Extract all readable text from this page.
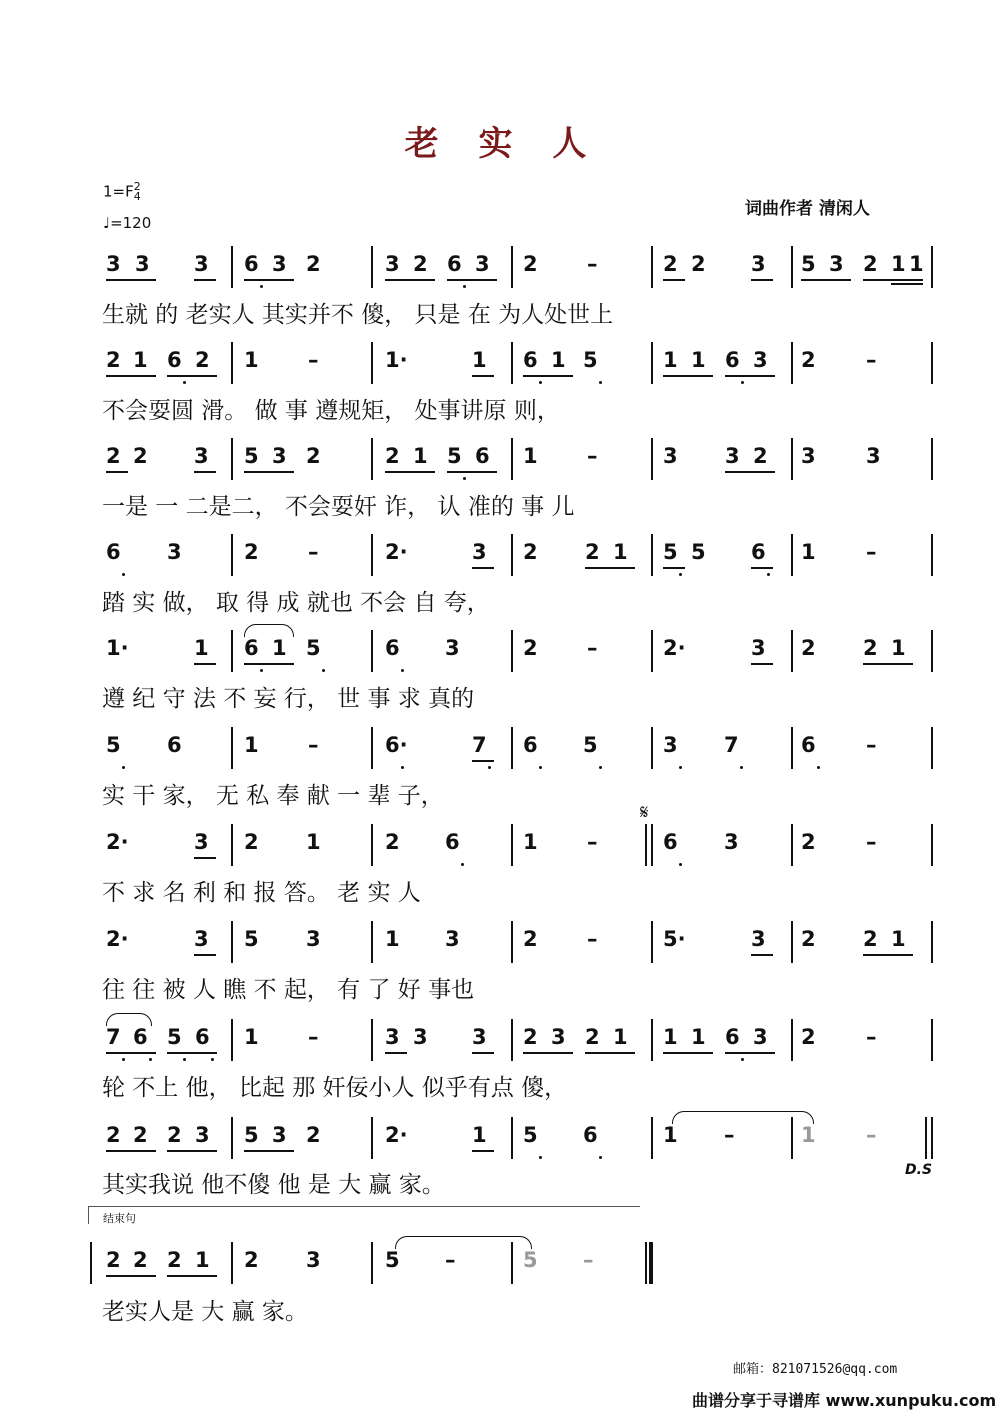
老 实 人
1=F2
4
♩=120
词曲作者 清闲人
3 3 3 6 3 2	3 2 6 3 2 –	2 2 3 5 3 2 1 1
2 1 6 2 1 –	1·	1 6 1 5	1 1 6 3 2 –
2 2 3 5 3 2	2 1 5 6 1 –	3 3 2 3 3
6 3	2 –	2·	3 2 2 1 5 5 6 1 –
1·	1 6 1 5	6 3	2 –	2·	3 2 2 1
5 6	1 –	6·	7 6 5	3 7	6 –
2·	3 2 1	2 6	1 –	6 3	2 –
2·	3 5 3	1 3	2 –	5·	3 2 2 1
7 6 5 6 1 –	3 3 3 2 3 2 1 1 1 6 3 2 –
2 2 2 3 5 3 2	2·	1 5 6	1 –	1 –
2 2 2 1 2 3	5 –	5 –
生就 的 老实人 其实并不 傻， 只是 在 为人处世上
不会耍圆 滑。 做 事 遵规矩， 处事讲原 则，
一是 一 二是二， 不会耍奸 诈， 认 准的 事 儿
踏 实 做， 取 得 成 就也 不会 自 夸，
遵 纪 守 法 不 妄 行， 世 事 求 真的
实 干 家， 无 私 奉 献 一 辈 子，
不 求 名 利 和 报 答。 老 实 人
往 往 被 人 瞧 不 起， 有 了 好 事也
轮 不上 他， 比起 那 奸佞小人 似乎有点 傻，
其实我说 他不傻 他 是 大 赢 家。
老实人是 大 赢 家。
结束句
D.S
𝄋
邮箱：821071526@qq.com
曲谱分享于寻谱库 www.xunpuku.com
